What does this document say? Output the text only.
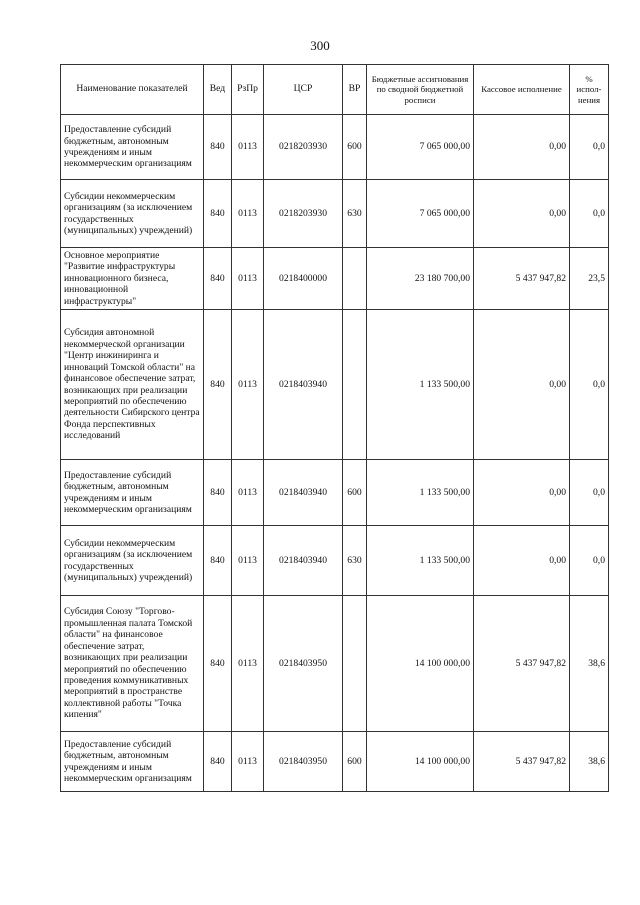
300
Наименование показателей	Вед	РзПр	ЦСР	ВР	Бюджетные ассигнования по сводной бюджетной росписи	Кассовое исполнение	% испол-нения
Предоставление субсидий бюджетным, автономным учреждениям и иным некоммерческим организациям	840	0113	0218203930	600	7 065 000,00	0,00	0,0
Субсидии некоммерческим организациям (за исключением государственных (муниципальных) учреждений)	840	0113	0218203930	630	7 065 000,00	0,00	0,0
Основное мероприятие "Развитие инфраструктуры инновационного бизнеса, инновационной инфраструктуры"	840	0113	0218400000		23 180 700,00	5 437 947,82	23,5
Субсидия автономной некоммерческой организации "Центр инжиниринга и инноваций Томской области" на финансовое обеспечение затрат, возникающих при реализации мероприятий по обеспечению деятельности Сибирского центра Фонда перспективных исследований	840	0113	0218403940		1 133 500,00	0,00	0,0
Предоставление субсидий бюджетным, автономным учреждениям и иным некоммерческим организациям	840	0113	0218403940	600	1 133 500,00	0,00	0,0
Субсидии некоммерческим организациям (за исключением государственных (муниципальных) учреждений)	840	0113	0218403940	630	1 133 500,00	0,00	0,0
Субсидия Союзу "Торгово-промышленная палата Томской области" на финансовое обеспечение затрат, возникающих при реализации мероприятий по обеспечению проведения коммуникативных мероприятий в пространстве коллективной работы "Точка кипения"	840	0113	0218403950		14 100 000,00	5 437 947,82	38,6
Предоставление субсидий бюджетным, автономным учреждениям и иным некоммерческим организациям	840	0113	0218403950	600	14 100 000,00	5 437 947,82	38,6
